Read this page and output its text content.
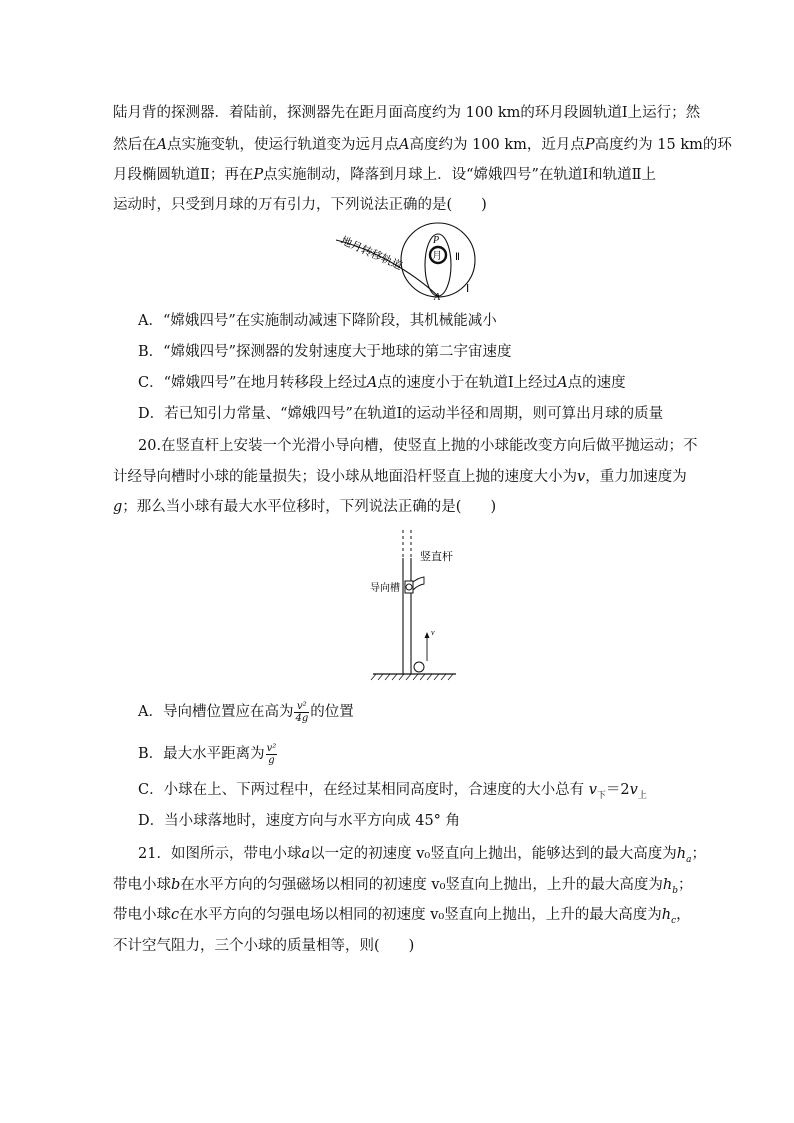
陆月背的探测器．着陆前，探测器先在距月面高度约为 100 km的环月段圆轨道Ⅰ上运行；然
然后在A点实施变轨，使运行轨道变为远月点A高度约为 100 km，近月点P高度约为 15 km的环
月段椭圆轨道Ⅱ；再在P点实施制动，降落到月球上．设“嫦娥四号”在轨道Ⅰ和轨道Ⅱ上
运动时，只受到月球的万有引力，下列说法正确的是(　　)
地月转移轨道	P
月 Ⅱ
Ⅰ
A
A．“嫦娥四号”在实施制动减速下降阶段，其机械能减小
B．“嫦娥四号”探测器的发射速度大于地球的第二宇宙速度
C．“嫦娥四号”在地月转移段上经过A点的速度小于在轨道Ⅰ上经过A点的速度
D．若已知引力常量、“嫦娥四号”在轨道Ⅰ的运动半径和周期，则可算出月球的质量
20.在竖直杆上安装一个光滑小导向槽，使竖直上抛的小球能改变方向后做平抛运动；不
计经导向槽时小球的能量损失；设小球从地面沿杆竖直上抛的速度大小为v，重力加速度为
g；那么当小球有最大水平位移时，下列说法正确的是(　　)
v
竖直杆
导向槽
A．导向槽位置应在高为 $\frac{\text{v²}}{4g}$ 的位置
B．最大水平距离为 $\frac{\text{v²}}{g}$
C．小球在上、下两过程中，在经过某相同高度时，合速度的大小总有 $v_下=2v_上$
D．当小球落地时，速度方向与水平方向成 45° 角
21．如图所示，带电小球a以一定的初速度 v₀竖直向上抛出，能够达到的最大高度为$h_a$；
带电小球b在水平方向的匀强磁场以相同的初速度 v₀竖直向上抛出，上升的最大高度为$h_b$；
带电小球c在水平方向的匀强电场以相同的初速度 v₀竖直向上抛出，上升的最大高度为$h_c$，
不计空气阻力，三个小球的质量相等，则(　　)
